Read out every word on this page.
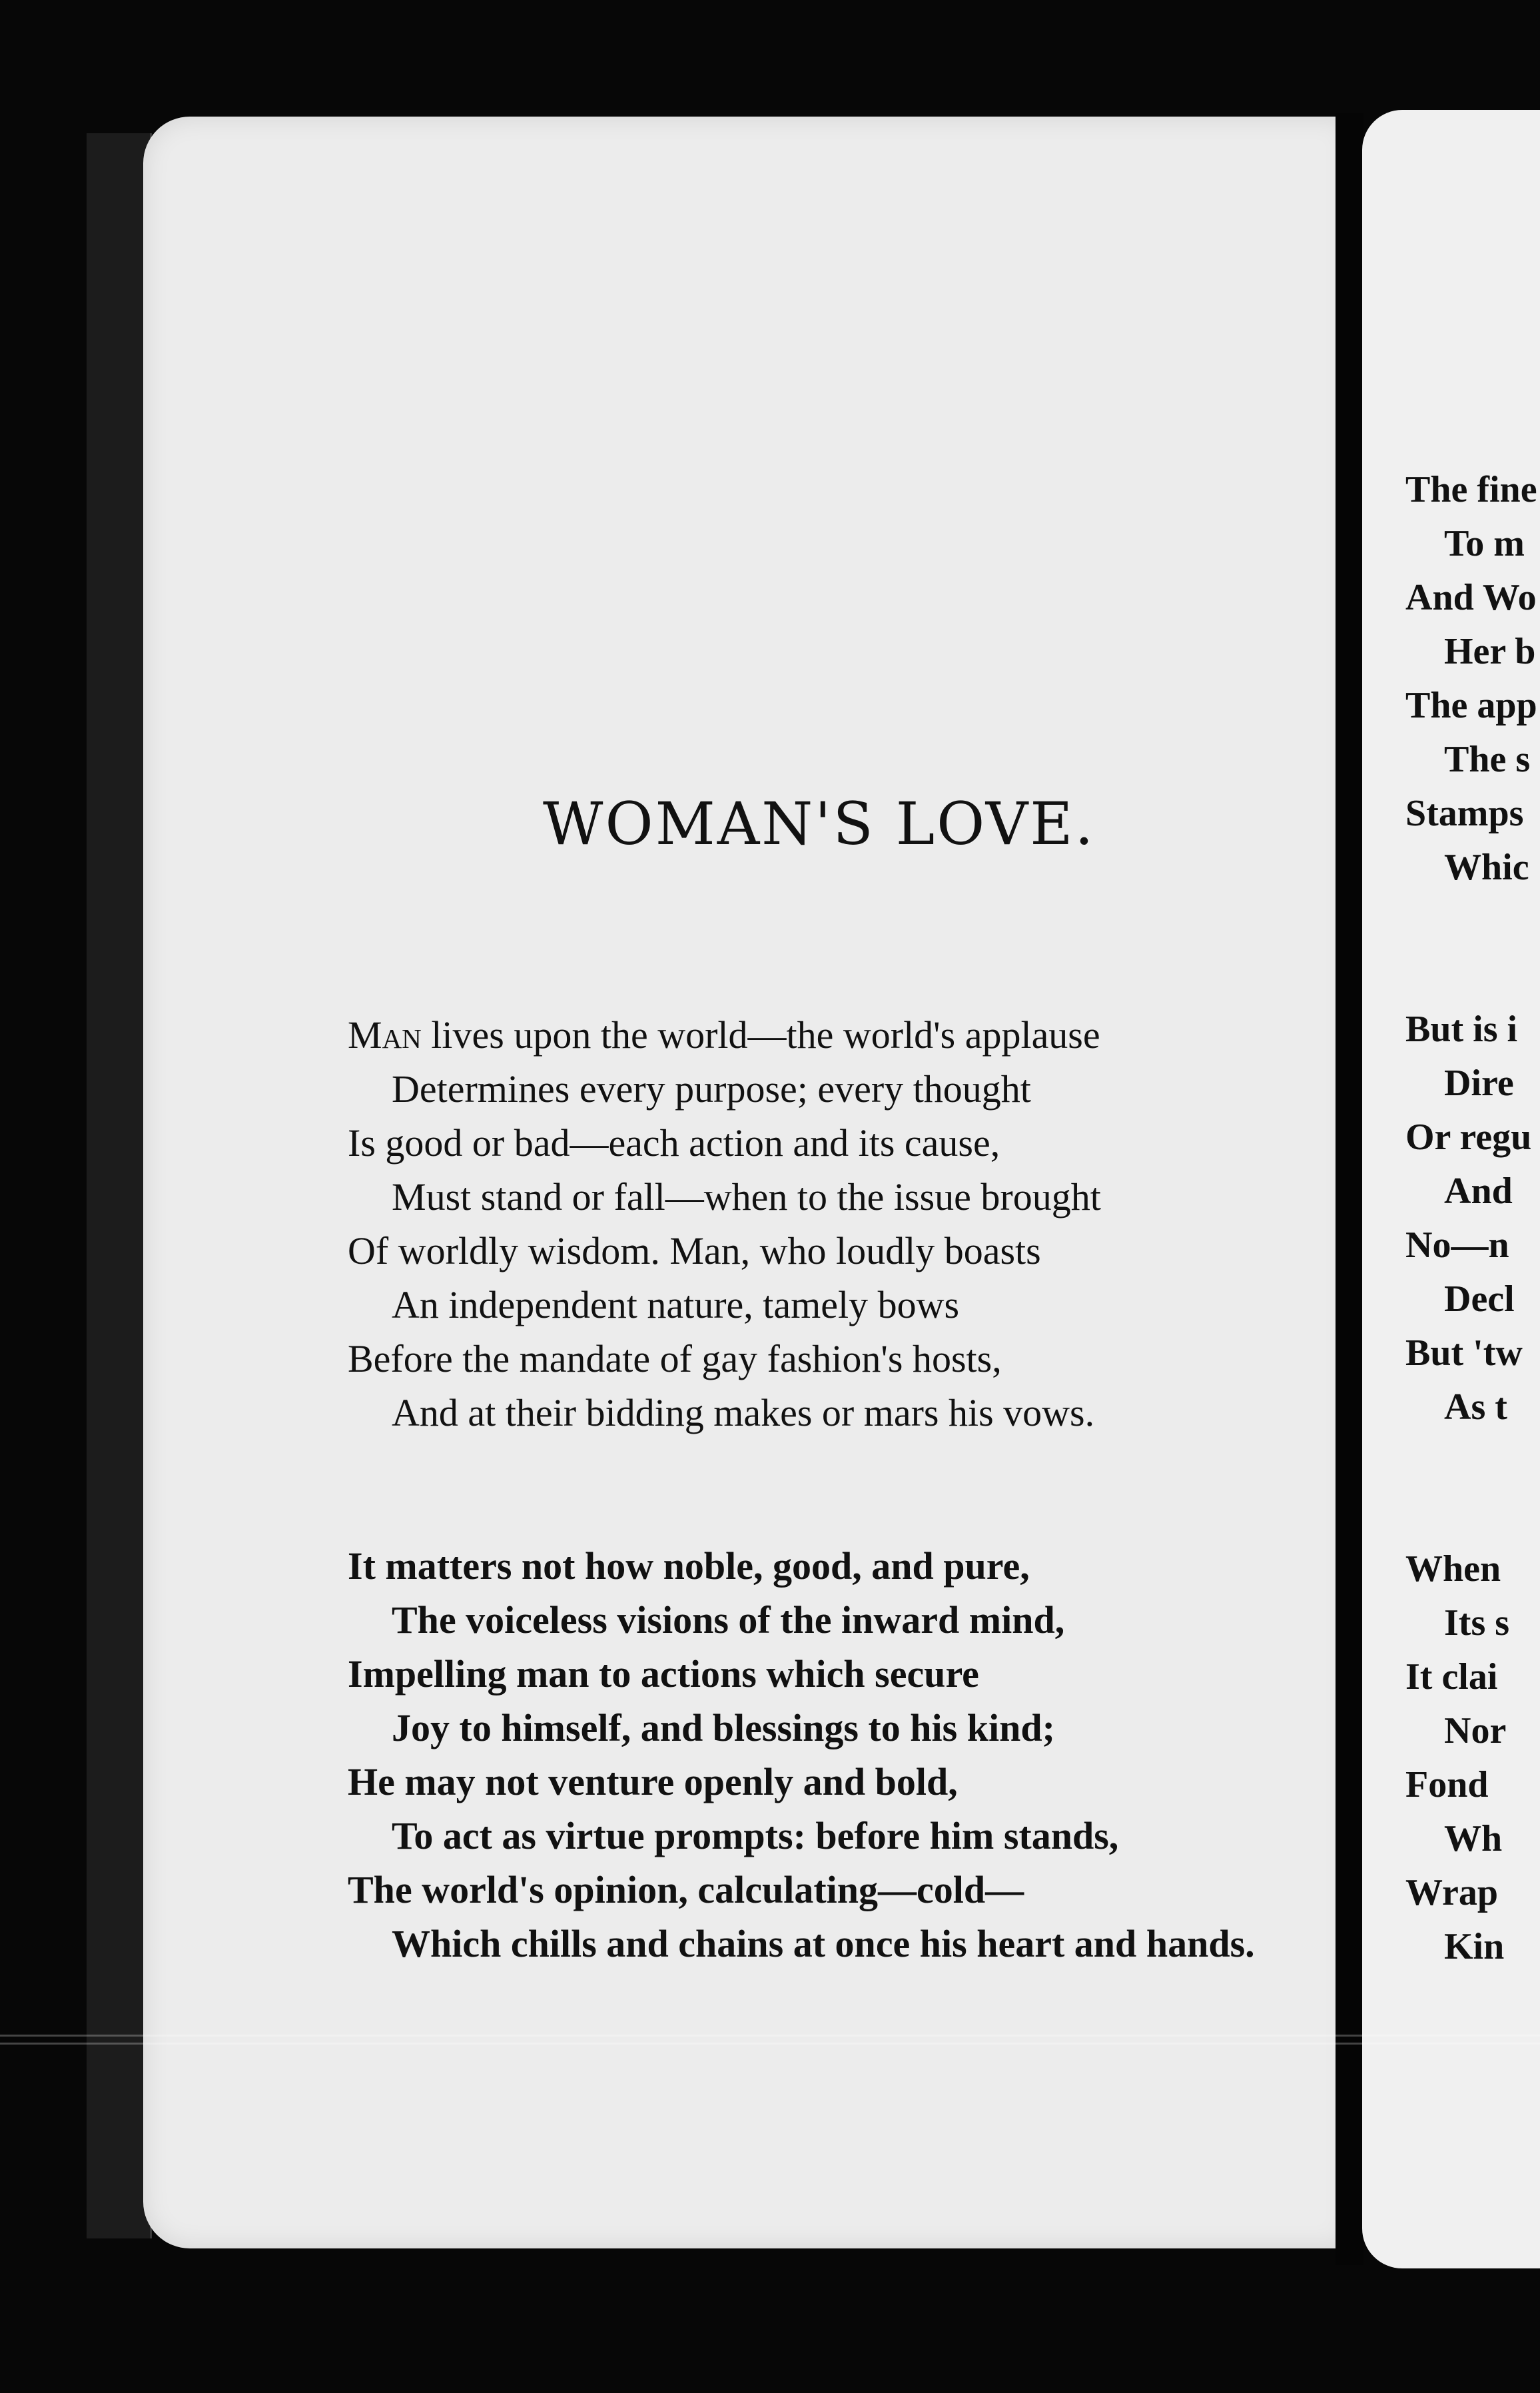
WOMAN'S LOVE.
Man lives upon the world—the world's applause
Determines every purpose; every thought
Is good or bad—each action and its cause,
Must stand or fall—when to the issue brought
Of worldly wisdom. Man, who loudly boasts
An independent nature, tamely bows
Before the mandate of gay fashion's hosts,
And at their bidding makes or mars his vows.
It matters not how noble, good, and pure,
The voiceless visions of the inward mind,
Impelling man to actions which secure
Joy to himself, and blessings to his kind;
He may not venture openly and bold,
To act as virtue prompts: before him stands,
The world's opinion, calculating—cold—
Which chills and chains at once his heart and hands.
The fine
To m
And Wo
Her b
The app
The s
Stamps
Whic
But is i
Dire
Or regu
And
No—n
Decl
But 'tw
As t
When
Its s
It clai
Nor
Fond
Wh
Wrap
Kin
